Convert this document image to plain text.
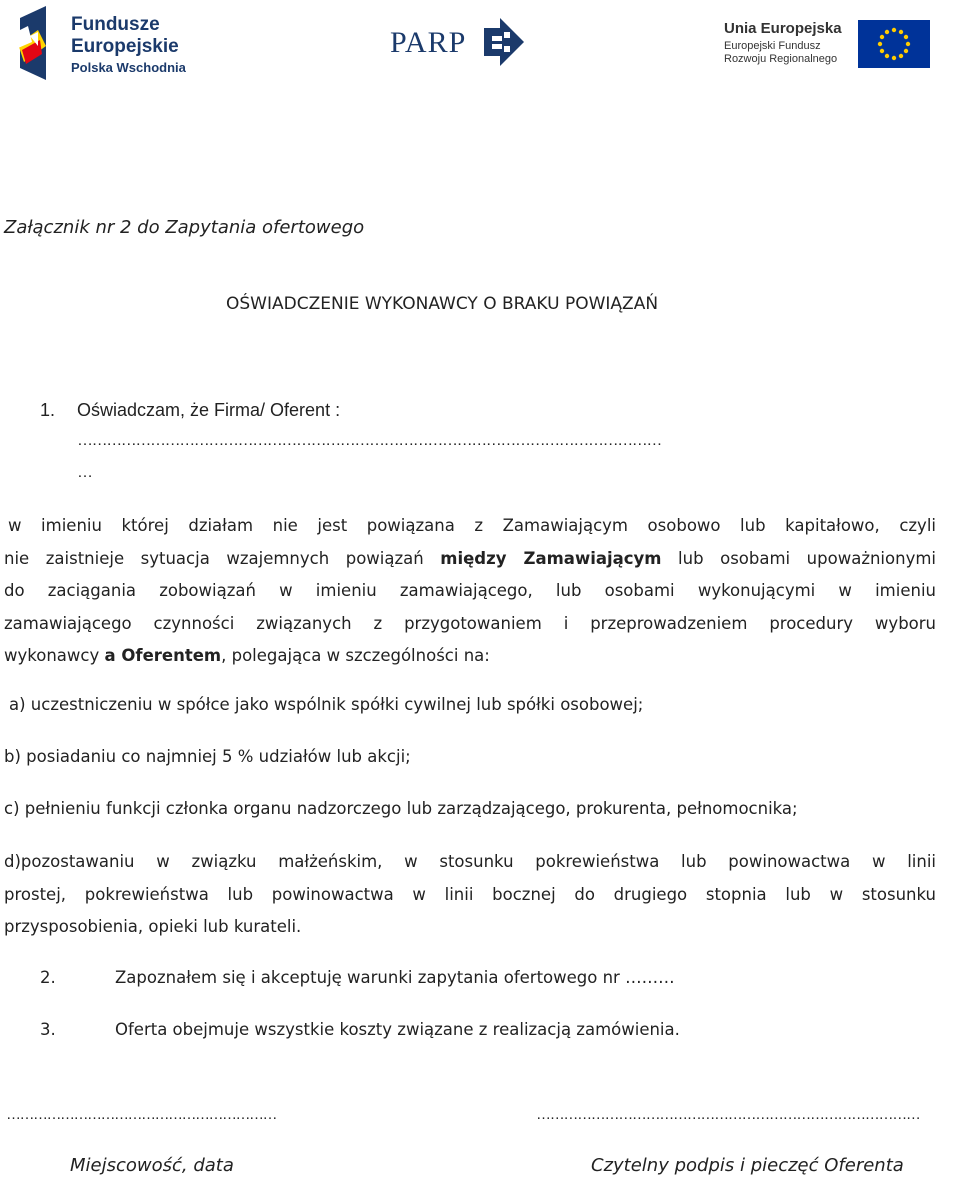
Fundusze
Europejskie
Polska Wschodnia
PARP	Unia Europejska
Europejski Fundusz
Rozwoju Regionalnego
Załącznik nr 2 do Zapytania ofertowego
OŚWIADCZENIE WYKONAWCY O BRAKU POWIĄZAŃ
1. Oświadczam, że Firma/ Oferent :
…………………………………………………………………………………………………………
…
w imieniu której działam nie jest powiązana z Zamawiającym osobowo lub kapitałowo, czyli
nie zaistnieje sytuacja wzajemnych powiązań między Zamawiającym lub osobami upoważnionymi
do zaciągania zobowiązań w imieniu zamawiającego, lub osobami wykonującymi w imieniu
zamawiającego czynności związanych z przygotowaniem i przeprowadzeniem procedury wyboru
wykonawcy a Oferentem, polegająca w szczególności na:
a) uczestniczeniu w spółce jako wspólnik spółki cywilnej lub spółki osobowej;
b) posiadaniu co najmniej 5 % udziałów lub akcji;
c) pełnieniu funkcji członka organu nadzorczego lub zarządzającego, prokurenta, pełnomocnika;
d)pozostawaniu w związku małżeńskim, w stosunku pokrewieństwa lub powinowactwa w linii
prostej, pokrewieństwa lub powinowactwa w linii bocznej do drugiego stopnia lub w stosunku
przysposobienia, opieki lub kurateli.
2.	Zapoznałem się i akceptuję warunki zapytania ofertowego nr ………
3.	Oferta obejmuje wszystkie koszty związane z realizacją zamówienia.
……………………………………………………	…………………………………………………………………………
Miejscowość, data	Czytelny podpis i pieczęć Oferenta
